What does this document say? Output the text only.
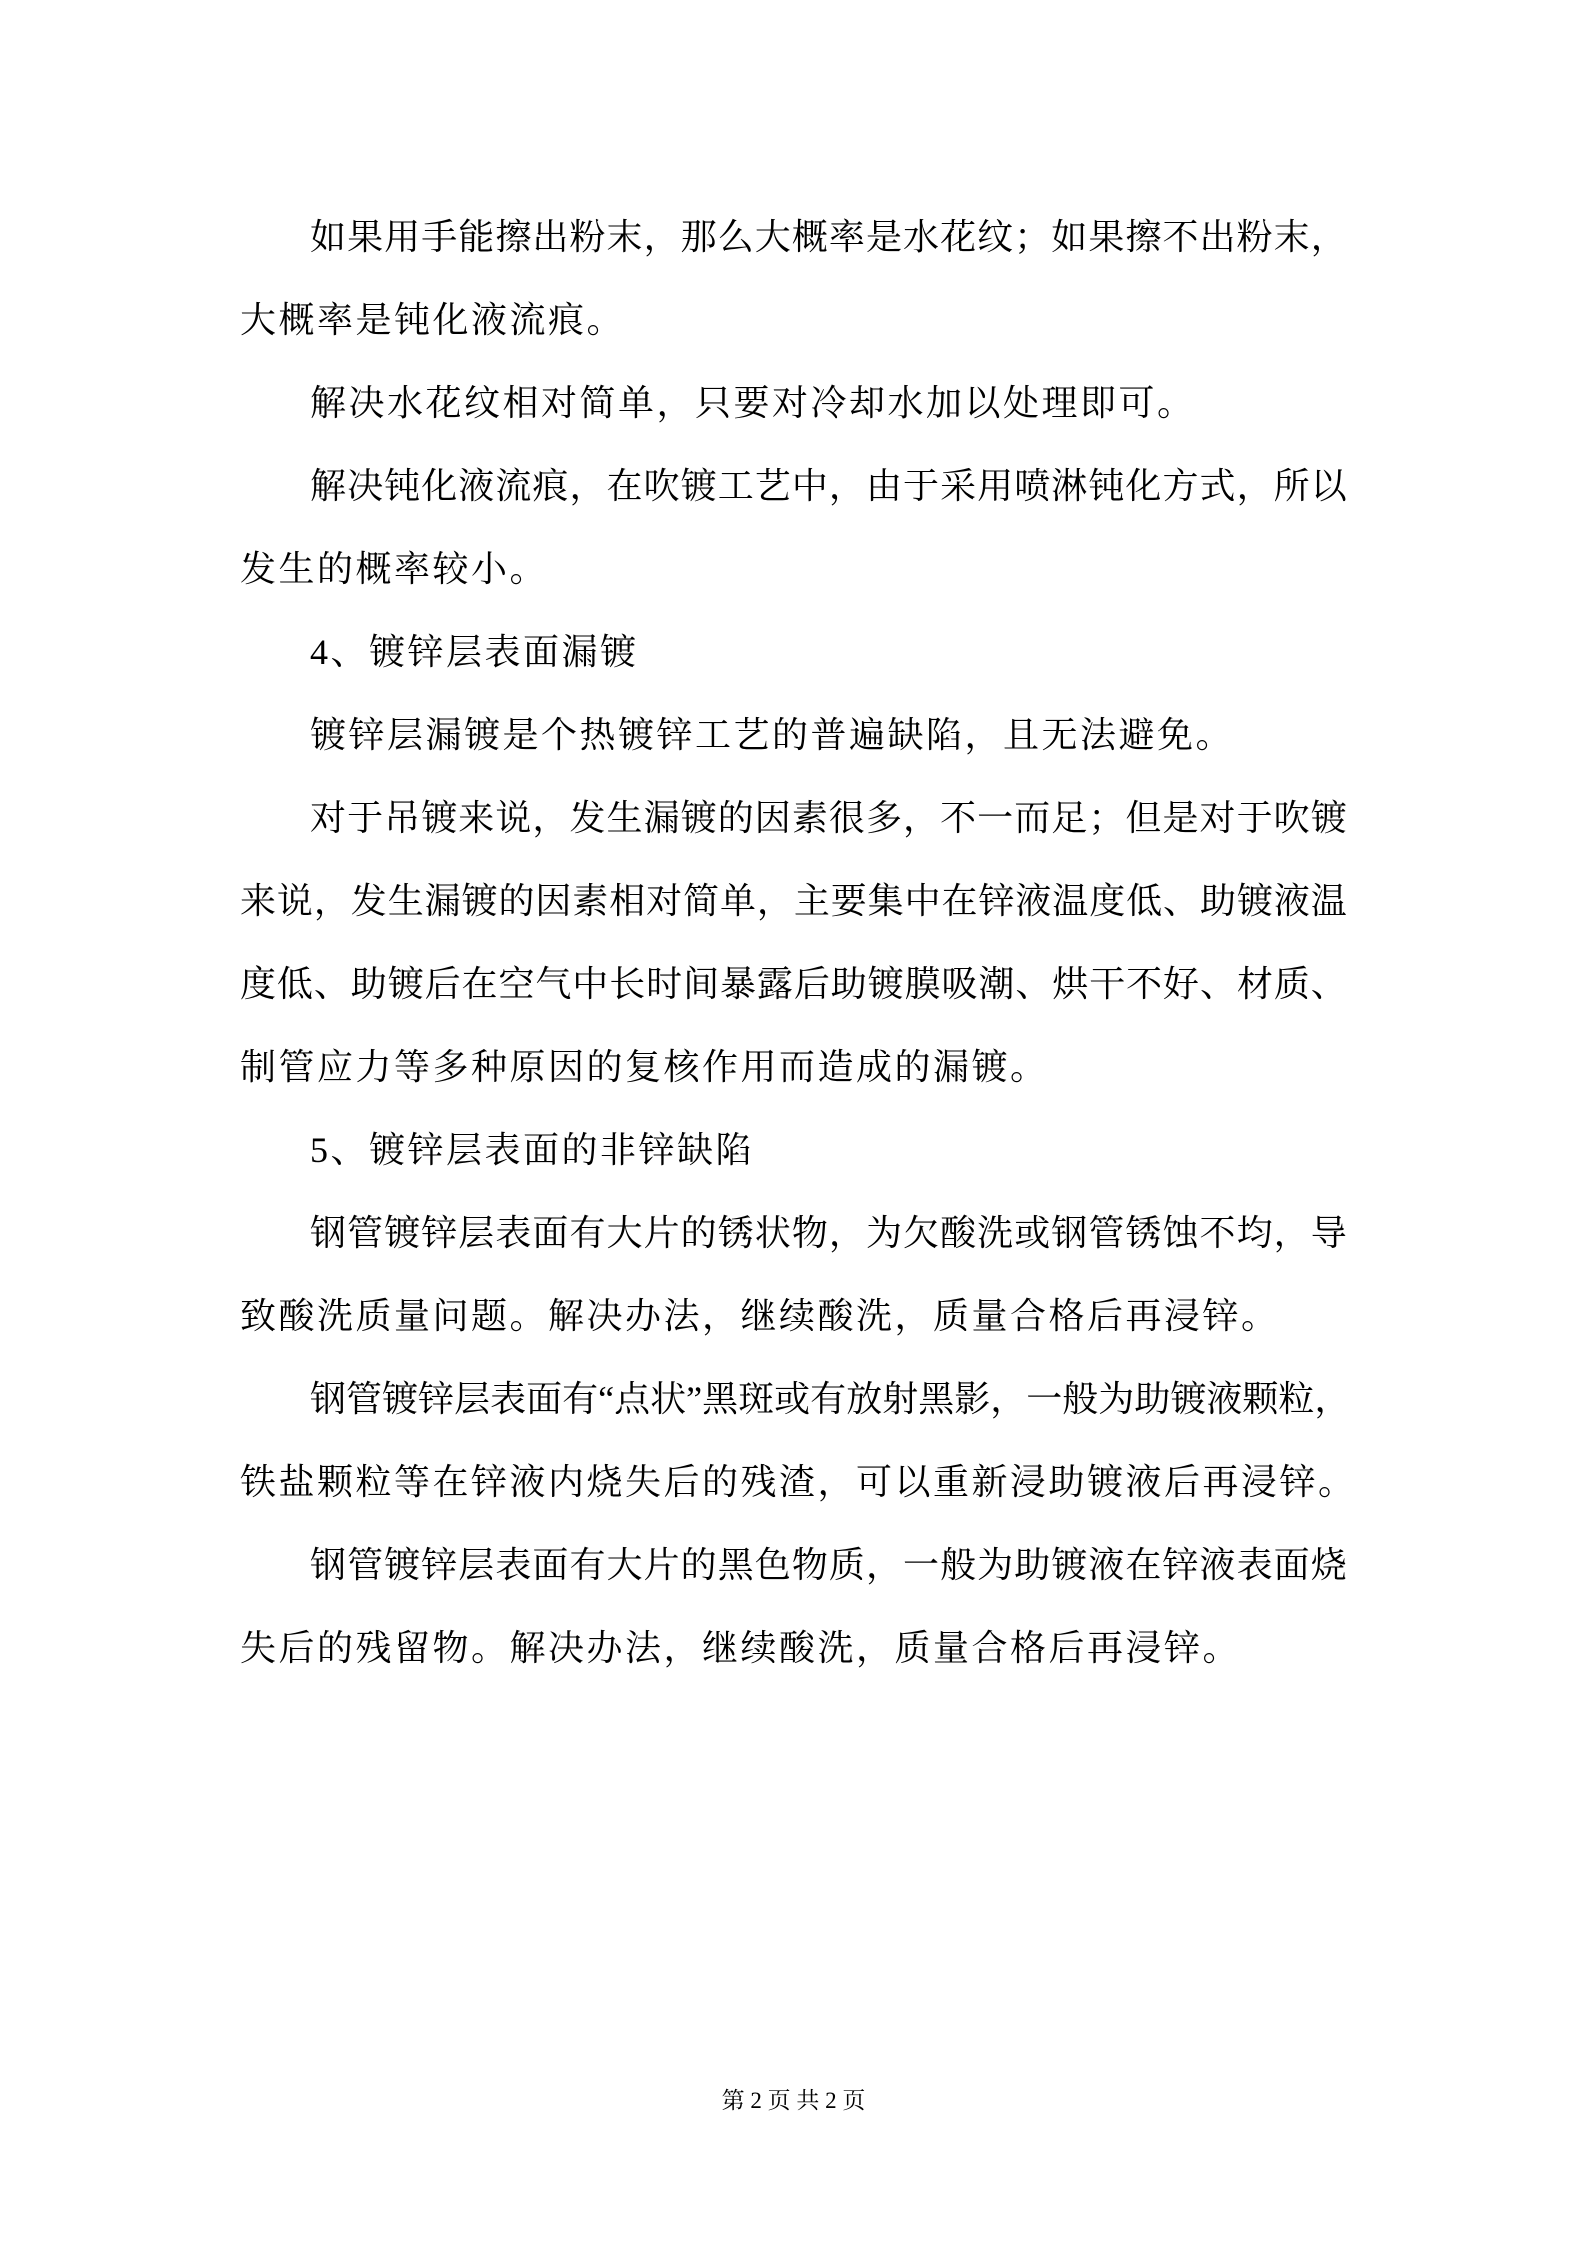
如 果 用 手 能 擦 出 粉 末 ， 那 么 大 概 率 是 水 花 纹 ； 如 果 擦 不 出 粉 末 ，
大概率是钝化液流痕。
解决水花纹相对简单，只要对冷却水加以处理即可。
解 决 钝 化 液 流 痕 ， 在 吹 镀 工 艺 中 ， 由 于 采 用 喷 淋 钝 化 方 式 ， 所 以
发生的概率较小。
4、镀锌层表面漏镀
镀锌层漏镀是个热镀锌工艺的普遍缺陷，且无法避免。
对 于 吊 镀 来 说 ， 发 生 漏 镀 的 因 素 很 多 ， 不 一 而 足 ； 但 是 对 于 吹 镀
来 说 ， 发 生 漏 镀 的 因 素 相 对 简 单 ， 主 要 集 中 在 锌 液 温 度 低 、 助 镀 液 温
度 低 、 助 镀 后 在 空 气 中 长 时 间 暴 露 后 助 镀 膜 吸 潮 、 烘 干 不 好 、 材 质 、
制管应力等多种原因的复核作用而造成的漏镀。
5、镀锌层表面的非锌缺陷
钢 管 镀 锌 层 表 面 有 大 片 的 锈 状 物 ， 为 欠 酸 洗 或 钢 管 锈 蚀 不 均 ， 导
致酸洗质量问题。解决办法，继续酸洗，质量合格后再浸锌。
钢 管 镀 锌 层 表 面 有 “ 点 状 ” 黑 斑 或 有 放 射 黑 影 ， 一 般 为 助 镀 液 颗 粒 ，
铁盐颗粒等在锌液内烧失后的残渣，可以重新浸助镀液后再浸锌。
钢 管 镀 锌 层 表 面 有 大 片 的 黑 色 物 质 ， 一 般 为 助 镀 液 在 锌 液 表 面 烧
失后的残留物。解决办法，继续酸洗，质量合格后再浸锌。
第 2 页 共 2 页
